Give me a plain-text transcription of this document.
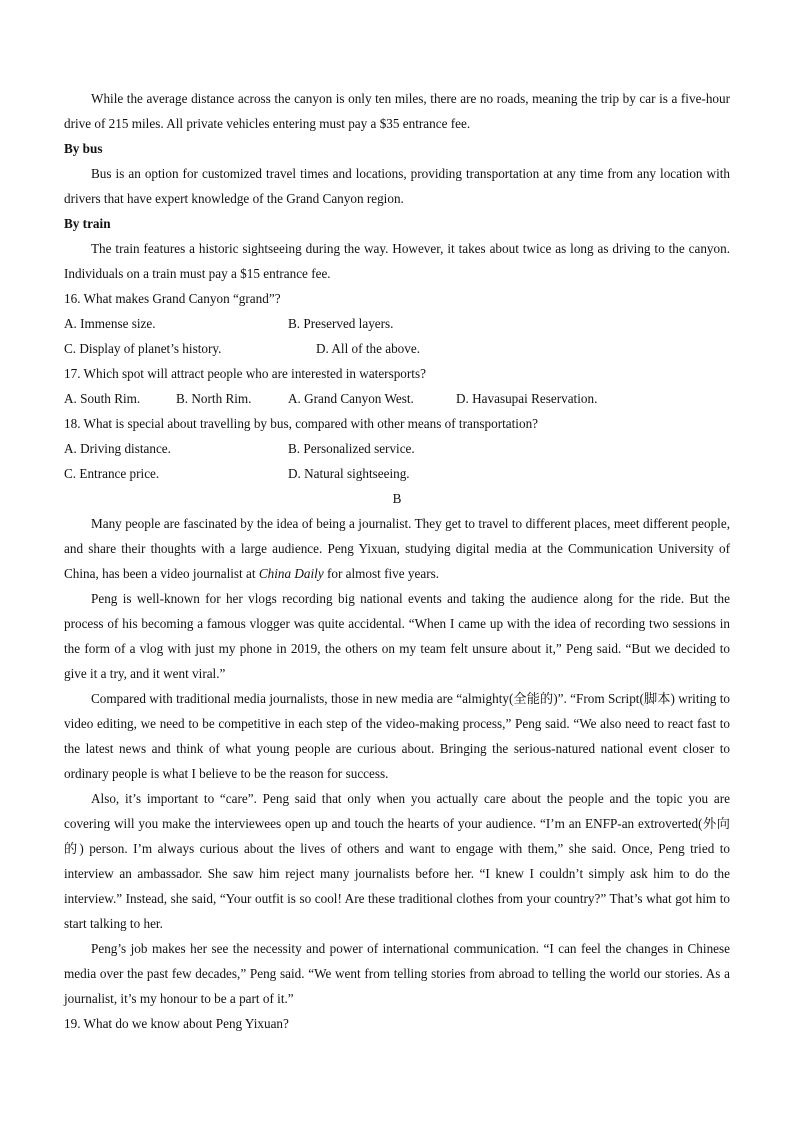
While the average distance across the canyon is only ten miles, there are no roads, meaning the trip by car is a five-hour drive of 215 miles. All private vehicles entering must pay a $35 entrance fee.

By bus

Bus is an option for customized travel times and locations, providing transportation at any time from any location with drivers that have expert knowledge of the Grand Canyon region.

By train

The train features a historic sightseeing during the way. However, it takes about twice as long as driving to the canyon. Individuals on a train must pay a $15 entrance fee.

16. What makes Grand Canyon “grand”?

A. Immense size.	B. Preserved layers.
C. Display of planet’s history.	D. All of the above.

17. Which spot will attract people who are interested in watersports?

A. South Rim.	B. North Rim.	A. Grand Canyon West.	D. Havasupai Reservation.

18. What is special about travelling by bus, compared with other means of transportation?

A. Driving distance.	B. Personalized service.
C. Entrance price.	D. Natural sightseeing.

B

Many people are fascinated by the idea of being a journalist. They get to travel to different places, meet different people, and share their thoughts with a large audience. Peng Yixuan, studying digital media at the Communication University of China, has been a video journalist at China Daily for almost five years.

Peng is well-known for her vlogs recording big national events and taking the audience along for the ride. But the process of his becoming a famous vlogger was quite accidental. “When I came up with the idea of recording two sessions in the form of a vlog with just my phone in 2019, the others on my team felt unsure about it,” Peng said. “But we decided to give it a try, and it went viral.”

Compared with traditional media journalists, those in new media are “almighty(全能的)”. “From Script(脚本) writing to video editing, we need to be competitive in each step of the video-making process,” Peng said. “We also need to react fast to the latest news and think of what young people are curious about. Bringing the serious-natured national event closer to ordinary people is what I believe to be the reason for success.

Also, it’s important to “care”. Peng said that only when you actually care about the people and the topic you are covering will you make the interviewees open up and touch the hearts of your audience. “I’m an ENFP-an extroverted(外向的) person. I’m always curious about the lives of others and want to engage with them,” she said. Once, Peng tried to interview an ambassador. She saw him reject many journalists before her. “I knew I couldn’t simply ask him to do the interview.” Instead, she said, “Your outfit is so cool! Are these traditional clothes from your country?” That’s what got him to start talking to her.

Peng’s job makes her see the necessity and power of international communication. “I can feel the changes in Chinese media over the past few decades,” Peng said. “We went from telling stories from abroad to telling the world our stories. As a journalist, it’s my honour to be a part of it.”

19. What do we know about Peng Yixuan?
